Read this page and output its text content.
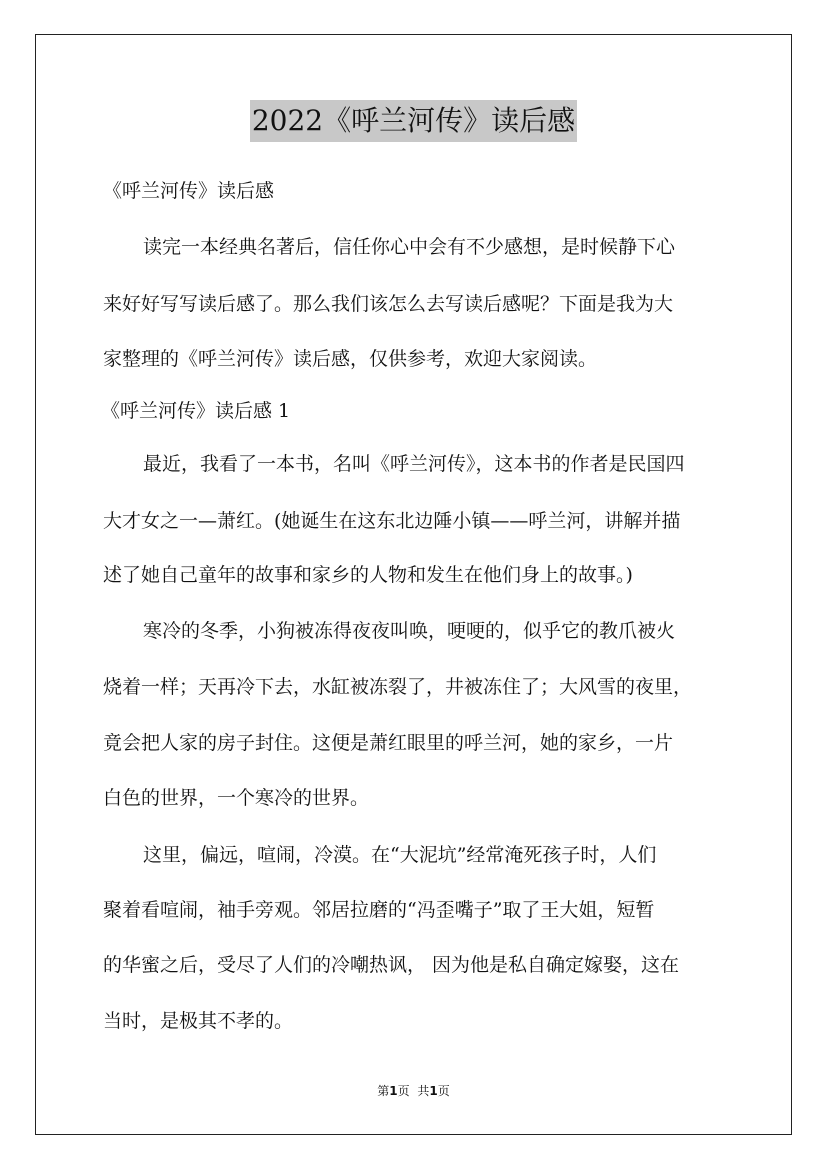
2022《呼兰河传》读后感
《呼兰河传》读后感
读完一本经典名著后，信任你心中会有不少感想，是时候静下心
来好好写写读后感了。那么我们该怎么去写读后感呢？下面是我为大
家整理的《呼兰河传》读后感，仅供参考，欢迎大家阅读。
《呼兰河传》读后感 1
最近，我看了一本书，名叫《呼兰河传》，这本书的作者是民国四
大才女之一—萧红。(她诞生在这东北边陲小镇——呼兰河，讲解并描
述了她自己童年的故事和家乡的人物和发生在他们身上的故事。)
寒冷的冬季，小狗被冻得夜夜叫唤，哽哽的，似乎它的教爪被火
烧着一样；天再冷下去，水缸被冻裂了，井被冻住了；大风雪的夜里，
竟会把人家的房子封住。这便是萧红眼里的呼兰河，她的家乡，一片
白色的世界，一个寒冷的世界。
这里，偏远，喧闹，冷漠。在“大泥坑”经常淹死孩子时，人们
聚着看喧闹，袖手旁观。邻居拉磨的“冯歪嘴子”取了王大姐，短暂
的华蜜之后，受尽了人们的冷嘲热讽， 因为他是私自确定嫁娶，这在
当时，是极其不孝的。
第1页 共1页
